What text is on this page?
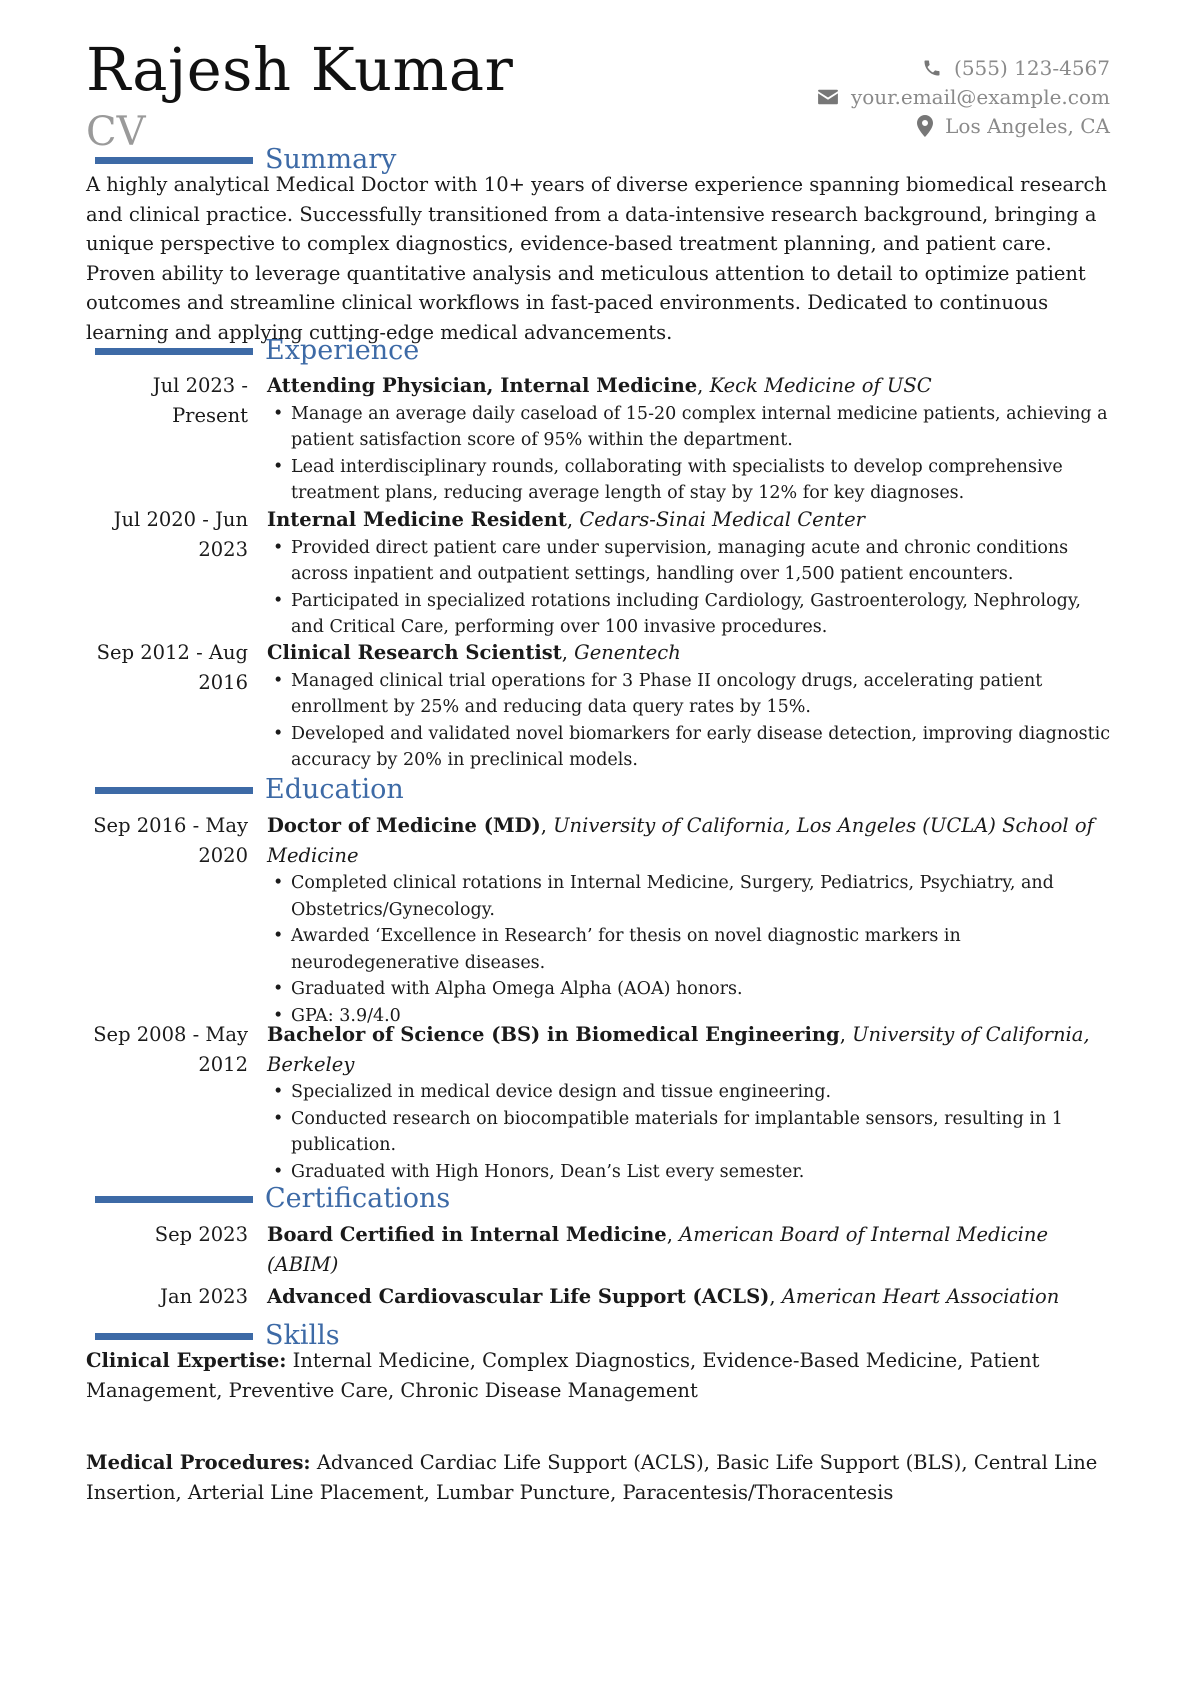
Rajesh Kumar
CV
(555) 123-4567
your.email@example.com
Los Angeles, CA
Summary
A highly analytical Medical Doctor with 10+ years of diverse experience spanning biomedical research and clinical practice. Successfully transitioned from a data-intensive research background, bringing a unique perspective to complex diagnostics, evidence-based treatment planning, and patient care. Proven ability to leverage quantitative analysis and meticulous attention to detail to optimize patient outcomes and streamline clinical workflows in fast-paced environments. Dedicated to continuous learning and applying cutting-edge medical advancements.
Experience
Jul 2023 - Present
Attending Physician, Internal Medicine, Keck Medicine of USC
• Manage an average daily caseload of 15-20 complex internal medicine patients, achieving a patient satisfaction score of 95% within the department.
• Lead interdisciplinary rounds, collaborating with specialists to develop comprehensive treatment plans, reducing average length of stay by 12% for key diagnoses.
Jul 2020 - Jun 2023
Internal Medicine Resident, Cedars-Sinai Medical Center
• Provided direct patient care under supervision, managing acute and chronic conditions across inpatient and outpatient settings, handling over 1,500 patient encounters.
• Participated in specialized rotations including Cardiology, Gastroenterology, Nephrology, and Critical Care, performing over 100 invasive procedures.
Sep 2012 - Aug 2016
Clinical Research Scientist, Genentech
• Managed clinical trial operations for 3 Phase II oncology drugs, accelerating patient enrollment by 25% and reducing data query rates by 15%.
• Developed and validated novel biomarkers for early disease detection, improving diagnostic accuracy by 20% in preclinical models.
Education
Sep 2016 - May 2020
Doctor of Medicine (MD), University of California, Los Angeles (UCLA) School of Medicine
• Completed clinical rotations in Internal Medicine, Surgery, Pediatrics, Psychiatry, and Obstetrics/Gynecology.
• Awarded ‘Excellence in Research’ for thesis on novel diagnostic markers in neurodegenerative diseases.
• Graduated with Alpha Omega Alpha (AOA) honors.
• GPA: 3.9/4.0
Sep 2008 - May 2012
Bachelor of Science (BS) in Biomedical Engineering, University of California, Berkeley
• Specialized in medical device design and tissue engineering.
• Conducted research on biocompatible materials for implantable sensors, resulting in 1 publication.
• Graduated with High Honors, Dean’s List every semester.
Certifications
Sep 2023 Board Certified in Internal Medicine, American Board of Internal Medicine (ABIM)
Jan 2023 Advanced Cardiovascular Life Support (ACLS), American Heart Association
Skills
Clinical Expertise: Internal Medicine, Complex Diagnostics, Evidence-Based Medicine, Patient Management, Preventive Care, Chronic Disease Management
Medical Procedures: Advanced Cardiac Life Support (ACLS), Basic Life Support (BLS), Central Line Insertion, Arterial Line Placement, Lumbar Puncture, Paracentesis/Thoracentesis
